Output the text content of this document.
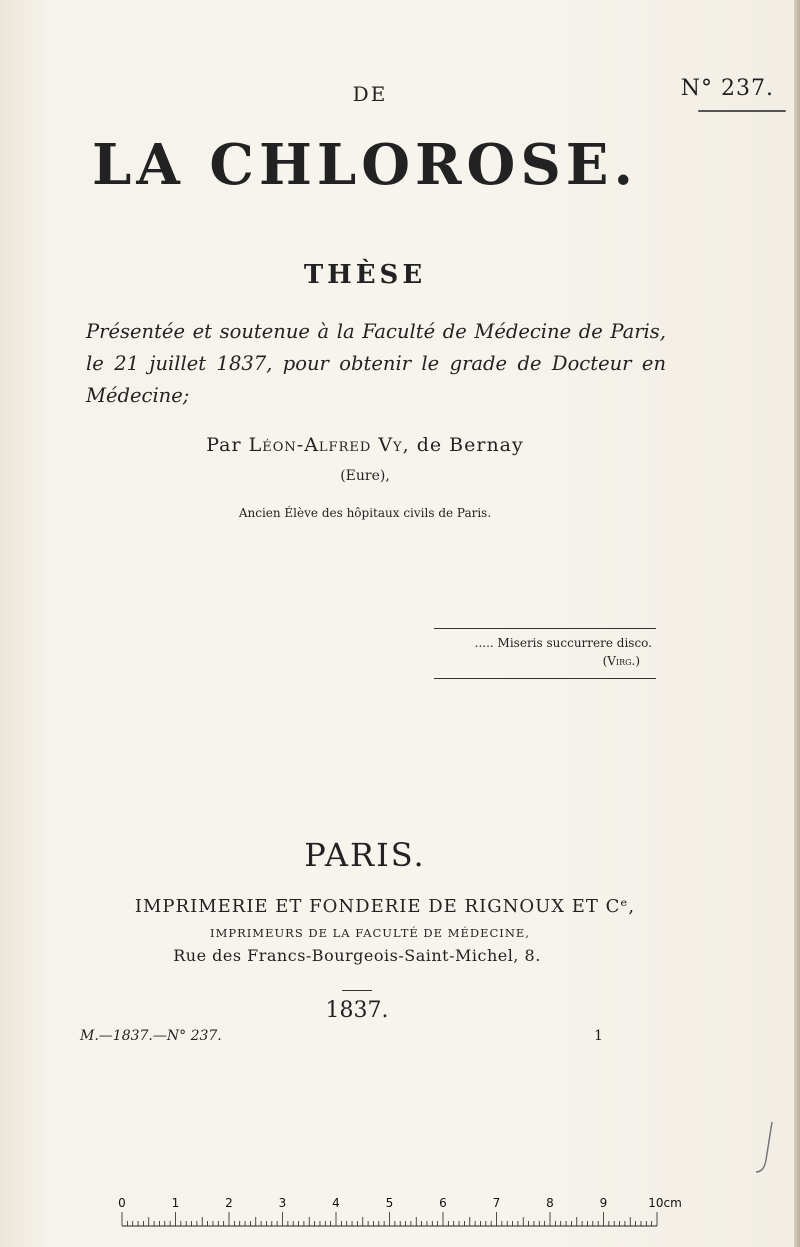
N° 237.
DE
LA CHLOROSE.
THÈSE
Présentée et soutenue à la Faculté de Médecine de Paris, le 21 juillet 1837, pour obtenir le grade de Docteur en Médecine;
Par Léon-Alfred Vy, de Bernay
(Eure),
Ancien Élève des hôpitaux civils de Paris.
..... Miseris succurrere disco.
(Virg.)
PARIS.
IMPRIMERIE ET FONDERIE DE RIGNOUX ET Cᵉ,
IMPRIMEURS DE LA FACULTÉ DE MÉDECINE,
Rue des Francs-Bourgeois-Saint-Michel, 8.
1837.
M.—1837.—N° 237.	1
0	1	2	3	4	5	6	7	8	9	10cm
